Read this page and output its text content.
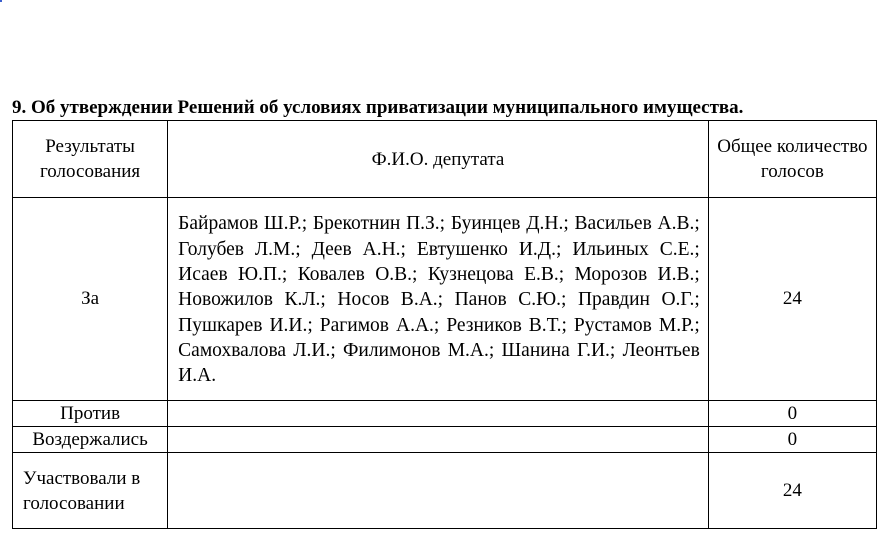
9. Об утверждении Решений об условиях приватизации муниципального имущества.
Результаты голосования	Ф.И.О. депутата	Общее количество голосов
За	Байрамов Ш.Р.; Брекотнин П.З.; Буинцев Д.Н.; Васильев А.В.; Голубев Л.М.; Деев А.Н.; Евтушенко И.Д.; Ильиных С.Е.; Исаев Ю.П.; Ковалев О.В.; Кузнецова Е.В.; Морозов И.В.; Новожилов К.Л.; Носов В.А.; Панов С.Ю.; Правдин О.Г.; Пушкарев И.И.; Рагимов А.А.; Резников В.Т.; Рустамов М.Р.; Самохвалова Л.И.; Филимонов М.А.; Шанина Г.И.; Леонтьев И.А.	24
Против		0
Воздержались		0
Участвовали в голосовании		24
